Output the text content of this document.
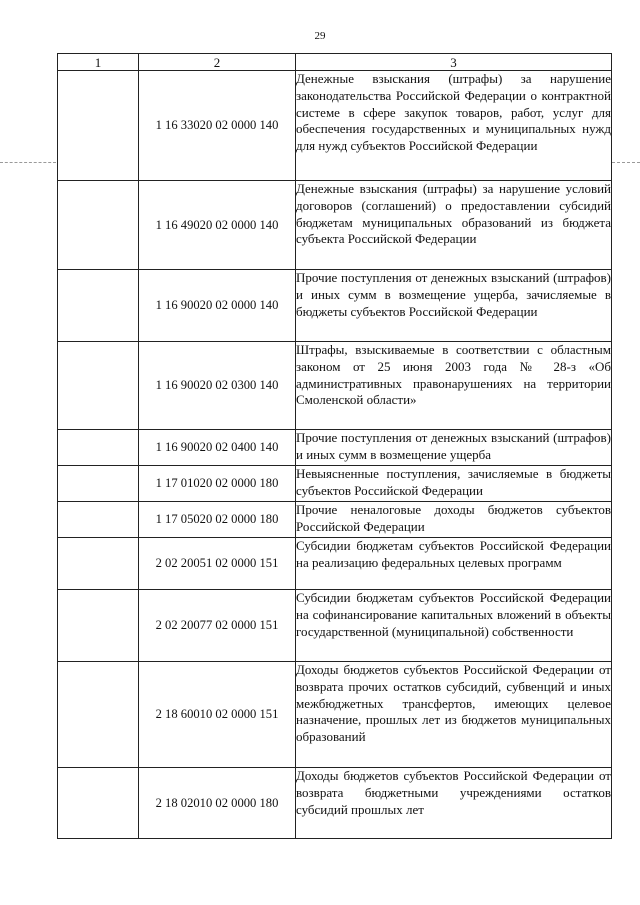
29
1	2	3
	1 16 33020 02 0000 140	Денежные взыскания (штрафы) за нарушение законодательства Российской Федерации о контрактной системе в сфере закупок товаров, работ, услуг для обеспечения государственных и муниципальных нужд для нужд субъектов Российской Федерации
	1 16 49020 02 0000 140	Денежные взыскания (штрафы) за нарушение условий договоров (соглашений) о предоставлении субсидий бюджетам муниципальных образований из бюджета субъекта Российской Федерации
	1 16 90020 02 0000 140	Прочие поступления от денежных взысканий (штрафов) и иных сумм в возмещение ущерба, зачисляемые в бюджеты субъектов Российской Федерации
	1 16 90020 02 0300 140	Штрафы, взыскиваемые в соответствии с областным законом от 25 июня 2003 года № 28-з «Об административных правонарушениях на территории Смоленской области»
	1 16 90020 02 0400 140	Прочие поступления от денежных взысканий (штрафов) и иных сумм в возмещение ущерба
	1 17 01020 02 0000 180	Невыясненные поступления, зачисляемые в бюджеты субъектов Российской Федерации
	1 17 05020 02 0000 180	Прочие неналоговые доходы бюджетов субъектов Российской Федерации
	2 02 20051 02 0000 151	Субсидии бюджетам субъектов Российской Федерации на реализацию федеральных целевых программ
	2 02 20077 02 0000 151	Субсидии бюджетам субъектов Российской Федерации на софинансирование капитальных вложений в объекты государственной (муниципальной) собственности
	2 18 60010 02 0000 151	Доходы бюджетов субъектов Российской Федерации от возврата прочих остатков субсидий, субвенций и иных межбюджетных трансфертов, имеющих целевое назначение, прошлых лет из бюджетов муниципальных образований
	2 18 02010 02 0000 180	Доходы бюджетов субъектов Российской Федерации от возврата бюджетными учреждениями остатков субсидий прошлых лет
